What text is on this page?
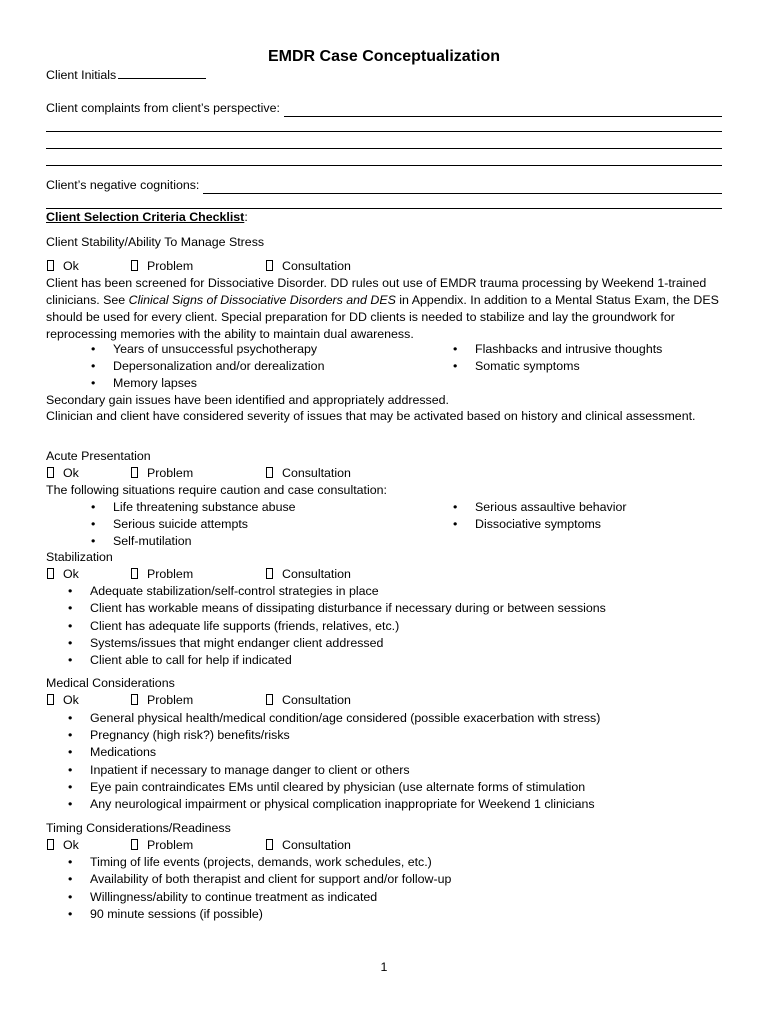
EMDR Case Conceptualization
Client Initials
Client complaints from client’s perspective:
Client’s negative cognitions:
Client Selection Criteria Checklist:
Client Stability/Ability To Manage Stress
Ok	Problem	Consultation
Client has been screened for Dissociative Disorder. DD rules out use of EMDR trauma processing by Weekend 1-trained clinicians. See Clinical Signs of Dissociative Disorders and DES in Appendix. In addition to a Mental Status Exam, the DES should be used for every client. Special preparation for DD clients is needed to stabilize and lay the groundwork for reprocessing memories with the ability to maintain dual awareness.
• Years of unsuccessful psychotherapy	• Flashbacks and intrusive thoughts
• Depersonalization and/or derealization	• Somatic symptoms
• Memory lapses
Secondary gain issues have been identified and appropriately addressed.
Clinician and client have considered severity of issues that may be activated based on history and clinical assessment.
Acute Presentation
Ok	Problem	Consultation
The following situations require caution and case consultation:
• Life threatening substance abuse	• Serious assaultive behavior
• Serious suicide attempts	• Dissociative symptoms
• Self-mutilation
Stabilization
Ok	Problem	Consultation
• Adequate stabilization/self-control strategies in place
• Client has workable means of dissipating disturbance if necessary during or between sessions
• Client has adequate life supports (friends, relatives, etc.)
• Systems/issues that might endanger client addressed
• Client able to call for help if indicated
Medical Considerations
Ok	Problem	Consultation
• General physical health/medical condition/age considered (possible exacerbation with stress)
• Pregnancy (high risk?) benefits/risks
• Medications
• Inpatient if necessary to manage danger to client or others
• Eye pain contraindicates EMs until cleared by physician (use alternate forms of stimulation
• Any neurological impairment or physical complication inappropriate for Weekend 1 clinicians
Timing Considerations/Readiness
Ok	Problem	Consultation
• Timing of life events (projects, demands, work schedules, etc.)
• Availability of both therapist and client for support and/or follow-up
• Willingness/ability to continue treatment as indicated
• 90 minute sessions (if possible)
1
